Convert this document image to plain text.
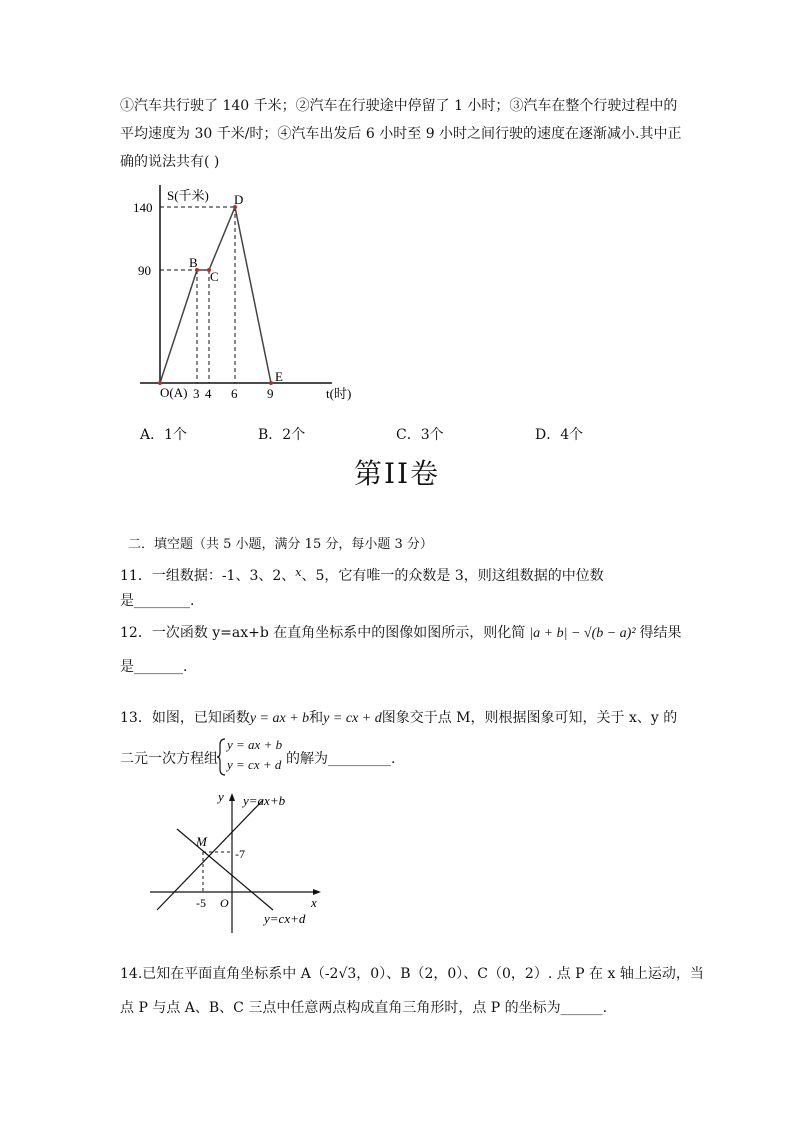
①汽车共行驶了 140 千米；②汽车在行驶途中停留了 1 小时；③汽车在整个行驶过程中的
平均速度为 30 千米/时；④汽车出发后 6 小时至 9 小时之间行驶的速度在逐渐减小.其中正
确的说法共有( )
S(千米)
t(时)
140
90
3 4 6 9
O(A)
B
C
D
E
A．1个	B．2个	C．3个	D．4个
第II卷
二．填空题（共 5 小题，满分 15 分，每小题 3 分）
11．一组数据：-1、3、2、$^x$、5，它有唯一的众数是 3，则这组数据的中位数
是________.
12．一次函数 y=ax+b 在直角坐标系中的图像如图所示，则化简 |a + b| − √(b − a)² 得结果
是_______.
13．如图，已知函数y = ax + b和y = cx + d图象交于点 M，则根据图象可知，关于 x、y 的
二元一次方程组
y = ax + b
y = cx + d 的解为_________.
y
x
y=ax+b
y=cx+d
M
-7
-5 O
14.已知在平面直角坐标系中 A（-2√3，0）、B（2，0）、C（0，2）. 点 P 在 x 轴上运动，当
点 P 与点 A、B、C 三点中任意两点构成直角三角形时，点 P 的坐标为______.
